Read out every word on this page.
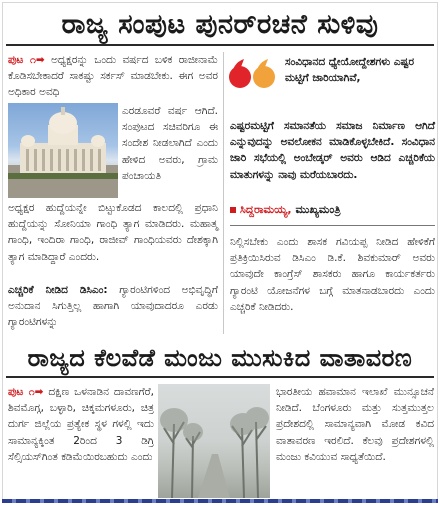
ರಾಜ್ಯ ಸಂಪುಟ ಪುನರ್‌ರಚನೆ ಸುಳಿವು
ಪುಟ ೧➡ ಅಧ್ಯಕ್ಷರನ್ನು ಒಂದು ವರ್ಷದ ಬಳಿಕ ರಾಜೀನಾಮೆ ಕೊಡಿಸಬೇಕಾದರೆ ಸಾಕಷ್ಟು ಸರ್ಕಸ್ ಮಾಡಬೇಕು. ಈಗ ಅವರ ಅಧಿಕಾರ ಅವಧಿ
ಎರಡೂವರೆ ವರ್ಷ ಆಗಿದೆ. ಸಂಪುಟದ ಸಚಿವರಿಗೂ ಈ ಸಂದೇಶ ನೀಡಲಾಗಿದೆ ಎಂದು ಹೇಳಿದ ಅವರು, ಗ್ರಾಮ ಪಂಚಾಯತಿ
ಅಧ್ಯಕ್ಷರ ಹುದ್ದೆಯನ್ನೇ ಬಿಟ್ಟುಕೊಡದ ಕಾಲದಲ್ಲಿ ಪ್ರಧಾನಿ ಹುದ್ದೆಯನ್ನು ಸೋನಿಯಾ ಗಾಂಧಿ ತ್ಯಾಗ ಮಾಡಿದರು. ಮಹಾತ್ಮ ಗಾಂಧಿ, ಇಂದಿರಾ ಗಾಂಧಿ, ರಾಜೀವ್ ಗಾಂಧಿಯವರು ದೇಶಕ್ಕಾಗಿ ತ್ಯಾಗ ಮಾಡಿದ್ದಾರೆ ಎಂದರು.
ಎಚ್ಚರಿಕೆ ನೀಡಿದ ಡಿಸಿಎಂ: ಗ್ಯಾರಂಟಿಗಳಿಂದ ಅಭಿವೃದ್ಧಿಗೆ ಅನುದಾನ ಸಿಗುತ್ತಿಲ್ಲ ಹಾಗಾಗಿ ಯಾವುದಾದರೂ ಎರಡು ಗ್ಯಾರಂಟಿಗಳನ್ನು
ಸಂವಿಧಾನದ ಧ್ಯೇಯೋದ್ದೇಶಗಳು ಎಷ್ಟರ ಮಟ್ಟಿಗೆ ಜಾರಿಯಾಗಿವೆ,
ಎಷ್ಟರಮಟ್ಟಿಗೆ ಸಮಾನತೆಯ ಸಮಾಜ ನಿರ್ಮಾಣ ಆಗಿದೆ ಎನ್ನುವುದನ್ನು ಅವಲೋಕನ ಮಾಡಿಕೊಳ್ಳಬೇಕಿದೆ. ಸಂವಿಧಾನ ಜಾರಿ ಸಭೆಯಲ್ಲಿ ಅಂಬೇಡ್ಕರ್ ಅವರು ಆಡಿದ ಎಚ್ಚರಿಕೆಯ ಮಾತುಗಳನ್ನು ನಾವು ಮರೆಯಬಾರದು.
ಸಿದ್ದರಾಮಯ್ಯ, ಮುಖ್ಯಮಂತ್ರಿ
ನಿಲ್ಲಿಸಬೇಕು ಎಂದು ಶಾಸಕ ಗವಿಯಪ್ಪ ನೀಡಿದ ಹೇಳಿಕೆಗೆ ಪ್ರತಿಕ್ರಿಯಿಸಿರುವ ಡಿಸಿಎಂ ಡಿ.ಕೆ. ಶಿವಕುಮಾರ್ ಅವರು ಯಾವುದೇ ಕಾಂಗ್ರೆಸ್ ಶಾಸಕರು ಹಾಗೂ ಕಾರ್ಯಕರ್ತರು ಗ್ಯಾರಂಟಿ ಯೋಜನೆಗಳ ಬಗ್ಗೆ ಮಾತನಾಡಬಾರದು ಎಂದು ಎಚ್ಚರಿಕೆ ನೀಡಿದರು.
ರಾಜ್ಯದ ಕೆಲವೆಡೆ ಮಂಜು ಮುಸುಕಿದ ವಾತಾವರಣ
ಪುಟ ೧➡ ದಕ್ಷಿಣ ಒಳನಾಡಿನ ದಾವಣಗೆರೆ, ಶಿವಮೊಗ್ಗ, ಬಳ್ಳಾರಿ, ಚಿಕ್ಕಮಗಳೂರು, ಚಿತ್ರ ದುರ್ಗ ಜಿಲ್ಲೆಯ ಪ್ರತ್ಯೇಕ ಸ್ಥಳ ಗಳಲ್ಲಿ ಇದು ಸಾಮಾನ್ಯಕ್ಕಿಂತ 2ರಿಂದ 3 ಡಿಗ್ರಿ ಸೆಲ್ಸಿಯಸ್‌ಗಿಂತ ಕಡಿಮೆಯಿರಬಹುದು ಎಂದು
ಭಾರತೀಯ ಹವಾಮಾನ ಇಲಾಖೆ ಮುನ್ಸೂಚನೆ ನೀಡಿದೆ. ಬೆಂಗಳೂರು ಮತ್ತು ಸುತ್ತಮುತ್ತಲ ಪ್ರದೇಶದಲ್ಲಿ ಸಾಮಾನ್ಯವಾಗಿ ಮೋಡ ಕವಿದ ವಾತಾವರಣ ಇರಲಿದೆ. ಕೆಲವು ಪ್ರದೇಶಗಳಲ್ಲಿ ಮಂಜು ಕವಿಯುವ ಸಾಧ್ಯತೆಯಿದೆ.
